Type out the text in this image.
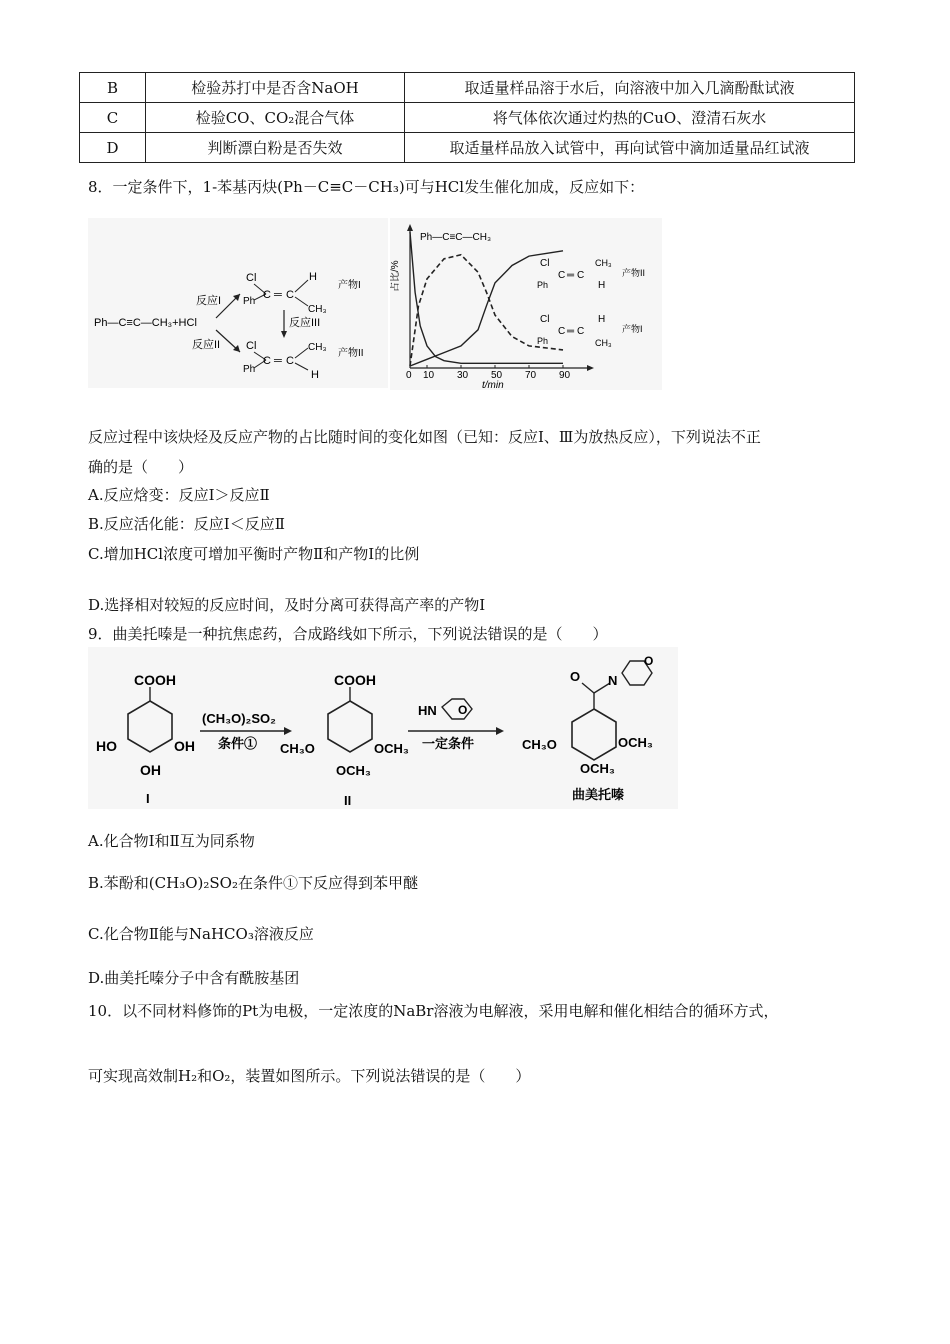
B	检验苏打中是否含NaOH	取适量样品溶于水后，向溶液中加入几滴酚酞试液
C	检验CO、CO₂混合气体	将气体依次通过灼热的CuO、澄清石灰水
D	判断漂白粉是否失效	取适量样品放入试管中，再向试管中滴加适量品红试液
8．一定条件下，1-苯基丙炔(Ph－C≡C－CH₃)可与HCl发生催化加成，反应如下：
Ph—C≡C—CH₃+HCl
反应I
反应II
Cl
Ph
C ═ C
H
CH₃
产物I
反应III
Cl
Ph
C ═ C
CH₃
H
产物II
占比/%
0 10 30 50 70 90
t/min
Ph—C≡C—CH₃
Cl
Ph
C ═ C
CH₃
H
产物II
Cl
Ph
C ═ C
H
CH₃
产物I
反应过程中该炔烃及反应产物的占比随时间的变化如图（已知：反应Ⅰ、Ⅲ为放热反应），下列说法不正
确的是（　　）
A.反应焓变：反应Ⅰ＞反应Ⅱ
B.反应活化能：反应Ⅰ＜反应Ⅱ
C.增加HCl浓度可增加平衡时产物Ⅱ和产物Ⅰ的比例
D.选择相对较短的反应时间，及时分离可获得高产率的产物Ⅰ
9．曲美托嗪是一种抗焦虑药，合成路线如下所示，下列说法错误的是（　　）
COOH
HO	OH
OH
I
(CH₃O)₂SO₂
条件①
COOH
CH₃O	OCH₃
OCH₃
II
HN O
一定条件
O N
O
CH₃O	OCH₃
OCH₃
曲美托嗪
A.化合物Ⅰ和Ⅱ互为同系物
B.苯酚和(CH₃O)₂SO₂在条件①下反应得到苯甲醚
C.化合物Ⅱ能与NaHCO₃溶液反应
D.曲美托嗪分子中含有酰胺基团
10．以不同材料修饰的Pt为电极，一定浓度的NaBr溶液为电解液，采用电解和催化相结合的循环方式，
可实现高效制H₂和O₂，装置如图所示。下列说法错误的是（　　）
